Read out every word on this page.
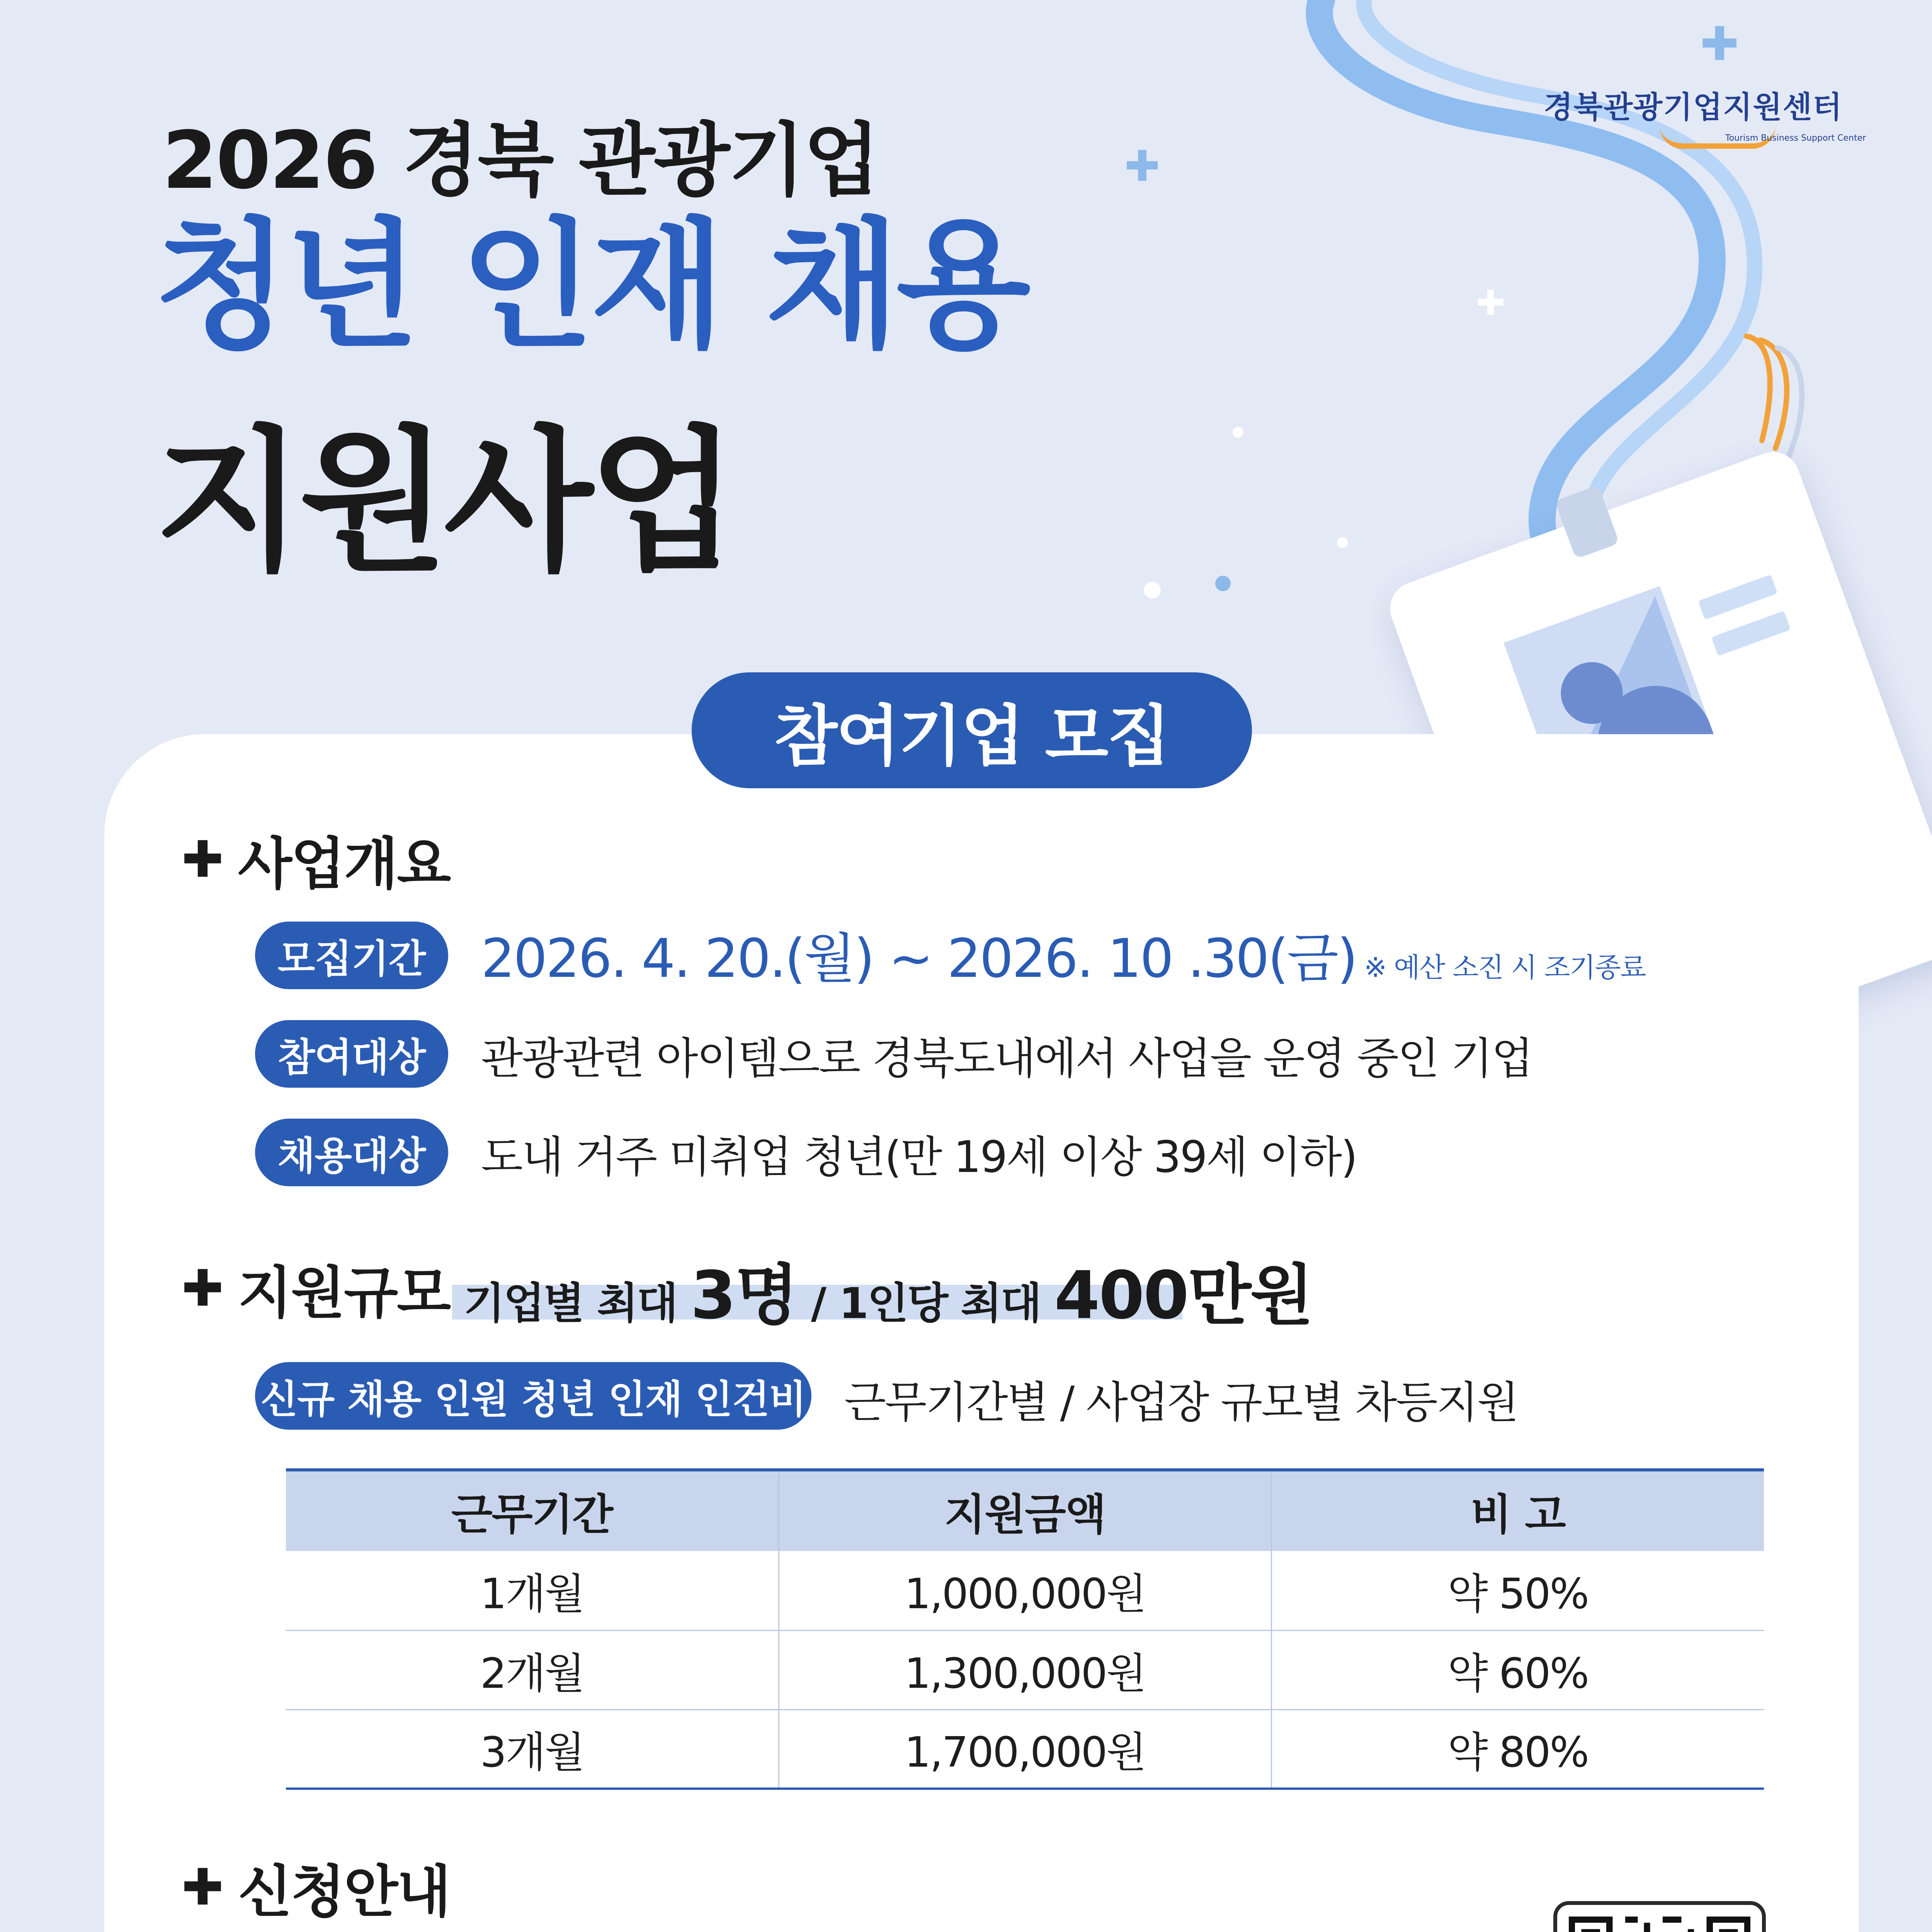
✚
✚
✚
경북관광기업지원센터
Tourism Business Support Center
2026 경북 관광기업
청년 인재 채용
지원사업
참여기업 모집
✚ 사업개요
모집기간	2026. 4. 20.(월) ~ 2026. 10 .30(금) ※ 예산 소진 시 조기종료
참여대상	관광관련 아이템으로 경북도내에서 사업을 운영 중인 기업
채용대상	도내 거주 미취업 청년(만 19세 이상 39세 이하)
✚ 지원규모 기업별 최대 3명 / 1인당 최대 400만원
신규 채용 인원 청년 인재 인건비 근무기간별 / 사업장 규모별 차등지원
근무기간	지원금액	비 고
1개월	1,000,000원	약 50%
2개월	1,300,000원	약 60%
3개월	1,700,000원	약 80%
✚ 신청안내
